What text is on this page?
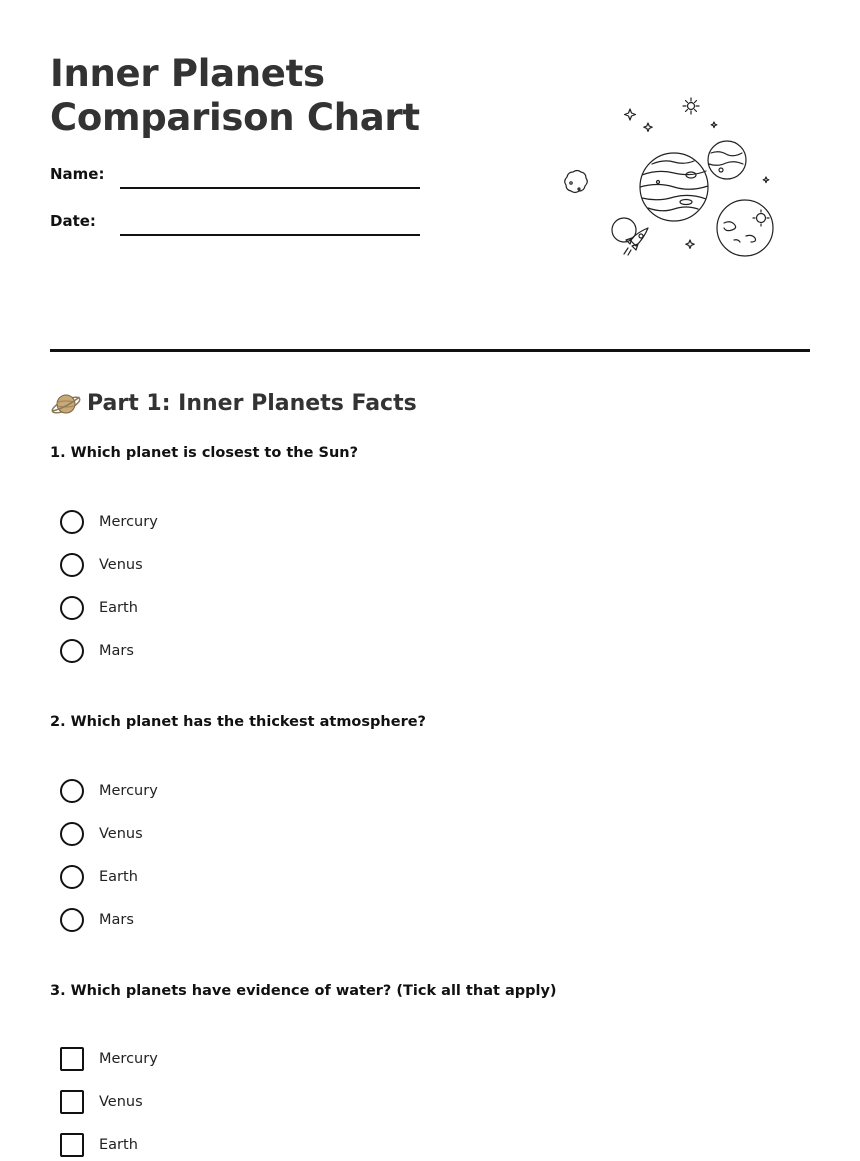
Inner Planets
Comparison Chart
Name:
Date:
Part 1: Inner Planets Facts

1. Which planet is closest to the Sun?

Mercury
Venus
Earth
Mars

2. Which planet has the thickest atmosphere?

Mercury
Venus
Earth
Mars

3. Which planets have evidence of water? (Tick all that apply)

Mercury
Venus
Earth
